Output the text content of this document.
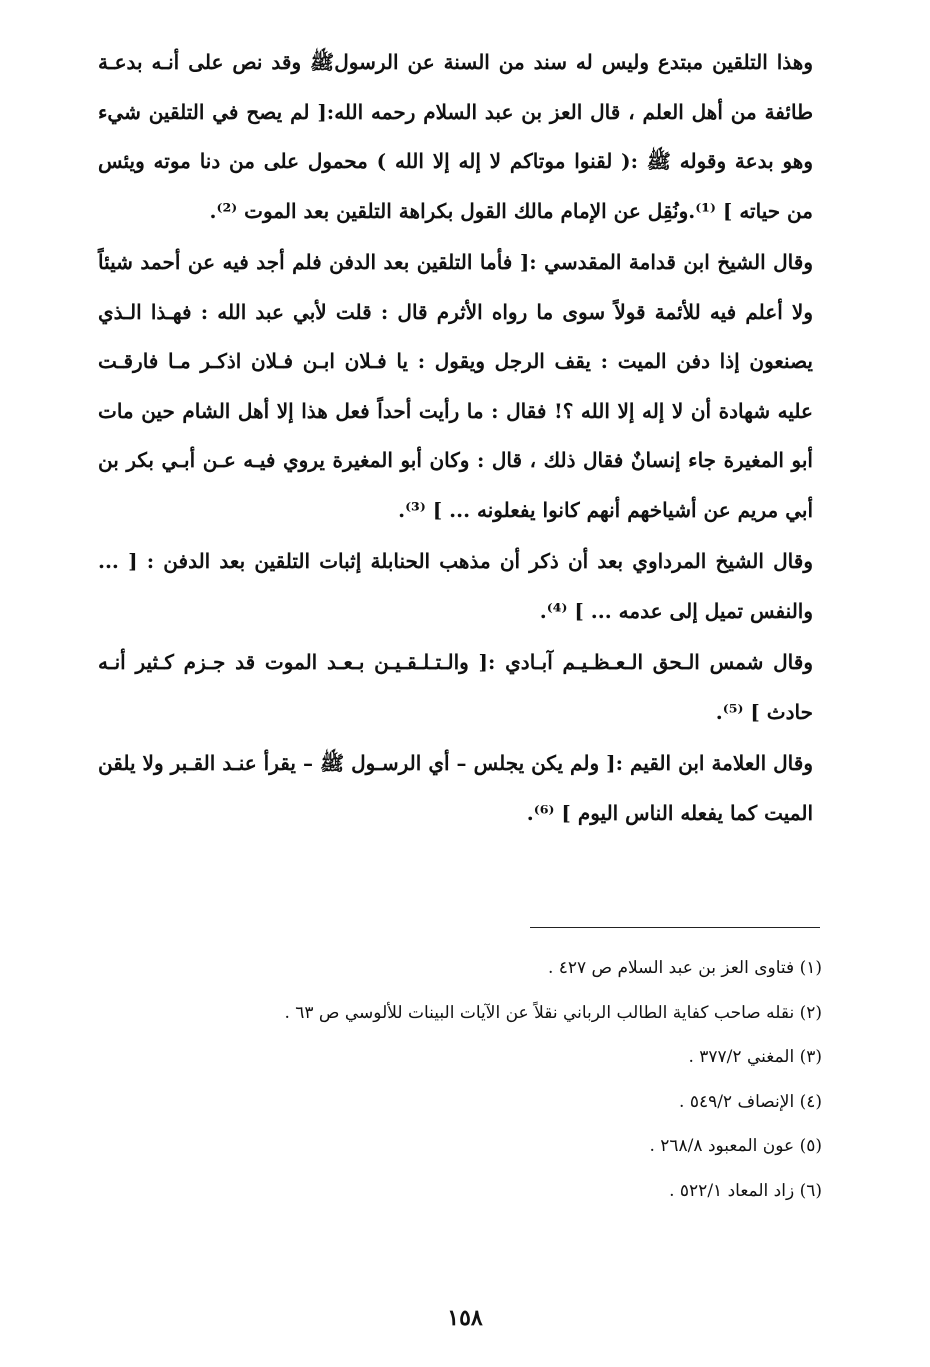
وهذا التلقين مبتدع وليس له سند من السنة عن الرسولﷺ وقد نص على أنـه بدعـة طائفة من أهل العلم ، قال العز بن عبد السلام رحمه الله:[ لم يصح في التلقين شيء وهو بدعة وقوله ﷺ :( لقنوا موتاكم لا إله إلا الله ) محمول على من دنا موته ويئس من حياته ] ⁽¹⁾.ونُقِل عن الإمام مالك القول بكراهة التلقين بعد الموت ⁽²⁾.

وقال الشيخ ابن قدامة المقدسي :[ فأما التلقين بعد الدفن فلم أجد فيه عن أحمد شيئاً ولا أعلم فيه للأئمة قولاً سوى ما رواه الأثرم قال : قلت لأبي عبد الله : فهـذا الـذي يصنعون إذا دفن الميت : يقف الرجل ويقول : يا فـلان ابـن فـلان اذكـر مـا فارقـت عليه شهادة أن لا إله إلا الله ؟! فقال : ما رأيت أحداً فعل هذا إلا أهل الشام حين مات أبو المغيرة جاء إنسانٌ فقال ذلك ، قال : وكان أبو المغيرة يروي فيـه عـن أبـي بكر بن أبي مريم عن أشياخهم أنهم كانوا يفعلونه ... ] ⁽³⁾.

وقال الشيخ المرداوي بعد أن ذكر أن مذهب الحنابلة إثبات التلقين بعد الدفن : [ ... والنفس تميل إلى عدمه ... ] ⁽⁴⁾.

وقال شمس الـحق الـعـظـيـم آبـادي :[ والـتـلـقـيـن بـعـد الموت قد جـزم كـثير أنـه حادث ] ⁽⁵⁾.

وقال العلامة ابن القيم :[ ولم يكن يجلس – أي الرسـول ﷺ – يقرأ عنـد القـبر ولا يلقن الميت كما يفعله الناس اليوم ] ⁽⁶⁾.

(١) فتاوى العز بن عبد السلام ص ٤٢٧ .
(٢) نقله صاحب كفاية الطالب الرباني نقلاً عن الآيات البينات للألوسي ص ٦٣ .
(٣) المغني ٣٧٧/٢ .
(٤) الإنصاف ٥٤٩/٢ .
(٥) عون المعبود ٢٦٨/٨ .
(٦) زاد المعاد ٥٢٢/١ .
١٥٨
